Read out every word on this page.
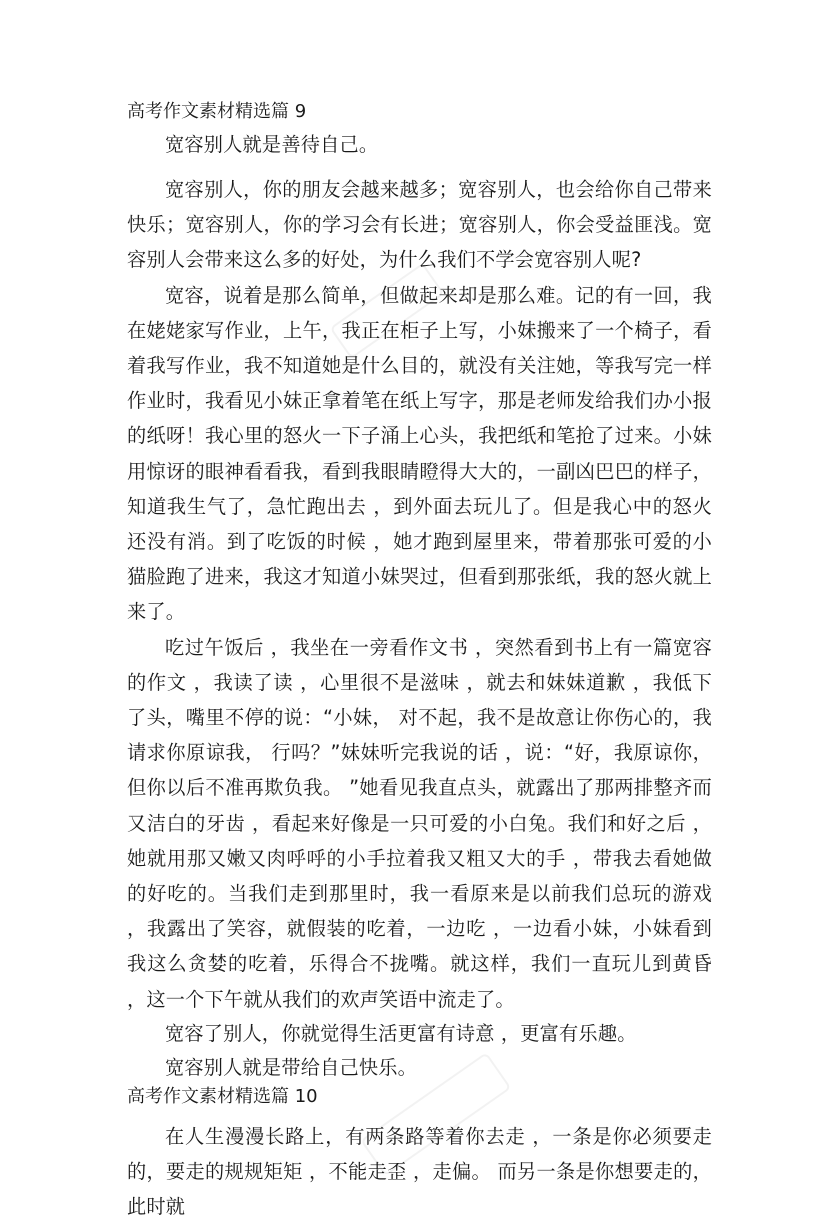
高考作文素材精选篇 9

宽容别人就是善待自己。

宽容别人，你的朋友会越来越多；宽容别人，也会给你自己带来快乐；宽容别人，你的学习会有长进；宽容别人，你会受益匪浅。宽容别人会带来这么多的好处，为什么我们不学会宽容别人呢?

宽容，说着是那么简单，但做起来却是那么难。记的有一回，我在姥姥家写作业，上午，我正在柜子上写，小妹搬来了一个椅子，看着我写作业，我不知道她是什么目的，就没有关注她，等我写完一样作业时，我看见小妹正拿着笔在纸上写字，那是老师发给我们办小报的纸呀！我心里的怒火一下子涌上心头，我把纸和笔抢了过来。小妹用惊讶的眼神看看我，看到我眼睛瞪得大大的，一副凶巴巴的样子，知道我生气了，急忙跑出去 ，到外面去玩儿了。但是我心中的怒火还没有消。到了吃饭的时候 ，她才跑到屋里来，带着那张可爱的小猫脸跑了进来，我这才知道小妹哭过，但看到那张纸，我的怒火就上来了。

吃过午饭后 ，我坐在一旁看作文书 ，突然看到书上有一篇宽容的作文 ，我读了读 ，心里很不是滋味 ，就去和妹妹道歉 ，我低下了头，嘴里不停的说：“小妹， 对不起，我不是故意让你伤心的，我请求你原谅我， 行吗？”妹妹听完我说的话 ，说：“好，我原谅你，但你以后不准再欺负我。 ”她看见我直点头，就露出了那两排整齐而又洁白的牙齿 ，看起来好像是一只可爱的小白兔。我们和好之后 ，她就用那又嫩又肉呼呼的小手拉着我又粗又大的手 ，带我去看她做的好吃的。当我们走到那里时，我一看原来是以前我们总玩的游戏 ，我露出了笑容，就假装的吃着，一边吃 ，一边看小妹，小妹看到我这么贪婪的吃着，乐得合不拢嘴。就这样，我们一直玩儿到黄昏 ，这一个下午就从我们的欢声笑语中流走了。

宽容了别人，你就觉得生活更富有诗意 ，更富有乐趣。

宽容别人就是带给自己快乐。

高考作文素材精选篇 10

在人生漫漫长路上，有两条路等着你去走 ，一条是你必须要走的，要走的规规矩矩 ，不能走歪 ，走偏。 而另一条是你想要走的， 此时就
